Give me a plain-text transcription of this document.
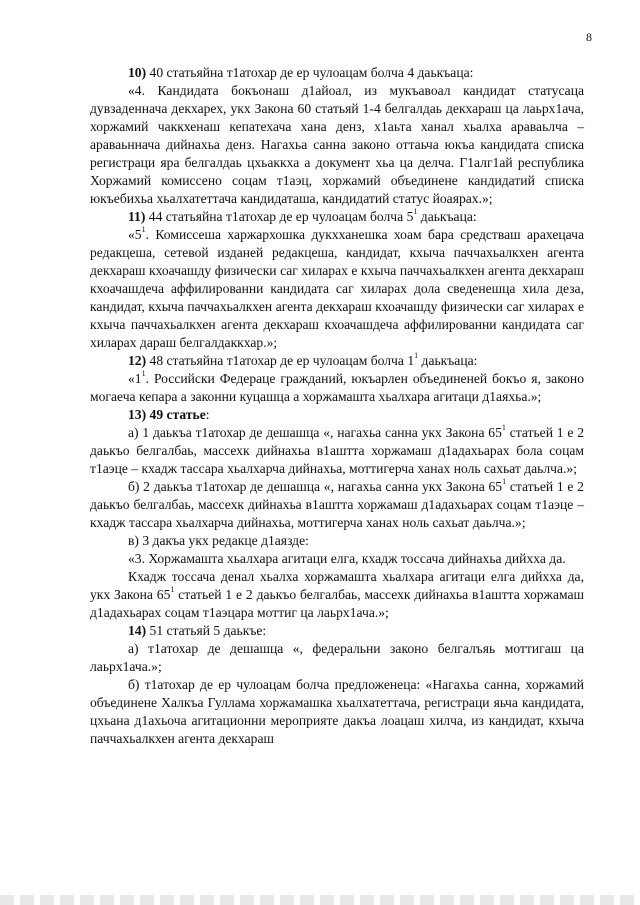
8

10) 40 статьяйна т1атохар де ер чулоацам болча 4 даькъаца:

«4. Кандидата бокъонаш д1айоал, из мукъавоал кандидат статусаца дувзаденнача декхарех, укх Закона 60 статьяй 1-4 белгалдаь декхараш ца лаьрх1ача, хоржамий чаккхенаш кепатехача хана денз, х1аьта ханал хьалха араваьлча – араваьннача дийнахьа денз. Нагахьа санна законо оттаьча юкъа кандидата списка регистраци яра белгалдаь цхьаккха а документ хьа ца делча. Г1алг1ай республика Хоржамий комиссено соцам т1аэц, хоржамий объединене кандидатий списка юкъебихьа хьалхатеттача кандидаташа, кандидатий статус йоаярах.»;

11) 44 статьяйна т1атохар де ер чулоацам болча $5^1$ даькъаца:

«$5^1$. Комиссеша харжархошка дукхханешка хоам бара средстваш арахецача редакцеша, сетевой изданей редакцеша, кандидат, кхыча паччахьалкхен агента декхараш кхоачашду физически саг хиларах е кхыча паччахьалкхен агента декхараш кхоачашдеча аффилированни кандидата саг хиларах дола сведенешца хила деза, кандидат, кхыча паччахьалкхен агента декхараш кхоачашду физически саг хиларах е кхыча паччахьалкхен агента декхараш кхоачашдеча аффилированни кандидата саг хиларах дараш белгалдаккхар.»;

12) 48 статьяйна т1атохар де ер чулоацам болча $1^1$ даькъаца:

«$1^1$. Российски Федераце гражданий, юкъарлен объединеней бокъо я, законо могаеча кепара а законни куцашца а хоржамашта хьалхара агитаци д1аяхьа.»;

13) 49 статье:

а) 1 даькъа т1атохар де дешашца «, нагахьа санна укх Закона $65^1$ статьей 1 е 2 даькъо белгалбаь, массехк дийнахьа в1аштта хоржамаш д1адахьарах бола соцам т1аэце – кхадж тассара хьалхарча дийнахьа, моттигерча ханах ноль сахьат даьлча.»;

б) 2 даькъа т1атохар де дешашца «, нагахьа санна укх Закона $65^1$ статьей 1 е 2 даькъо белгалбаь, массехк дийнахьа в1аштта хоржамаш д1адахьарах соцам т1аэце – кхадж тассара хьалхарча дийнахьа, моттигерча ханах ноль сахьат даьлча.»;

в) 3 дакъа укх редакце д1аязде:

«3. Хоржамашта хьалхара агитаци елга, кхадж тоссача дийнахьа дийхха да.

Кхадж тоссача денал хьалха хоржамашта хьалхара агитаци елга дийхха да, укх Закона $65^1$ статьей 1 е 2 даькъо белгалбаь, массехк дийнахьа в1аштта хоржамаш д1адахьарах соцам т1аэцара моттиг ца лаьрх1ача.»;

14) 51 статьяй 5 даькъе:

а) т1атохар де дешашца «, федеральни законо белгалъяь моттигаш ца лаьрх1ача.»;

б) т1атохар де ер чулоацам болча предложенеца: «Нагахьа санна, хоржамий объединене Халкъа Гуллама хоржамашка хьалхатеттача, регистраци яьча кандидата, цхьана д1ахьоча агитационни мероприяте дакъа лоацаш хилча, из кандидат, кхыча паччахьалкхен агента декхараш
